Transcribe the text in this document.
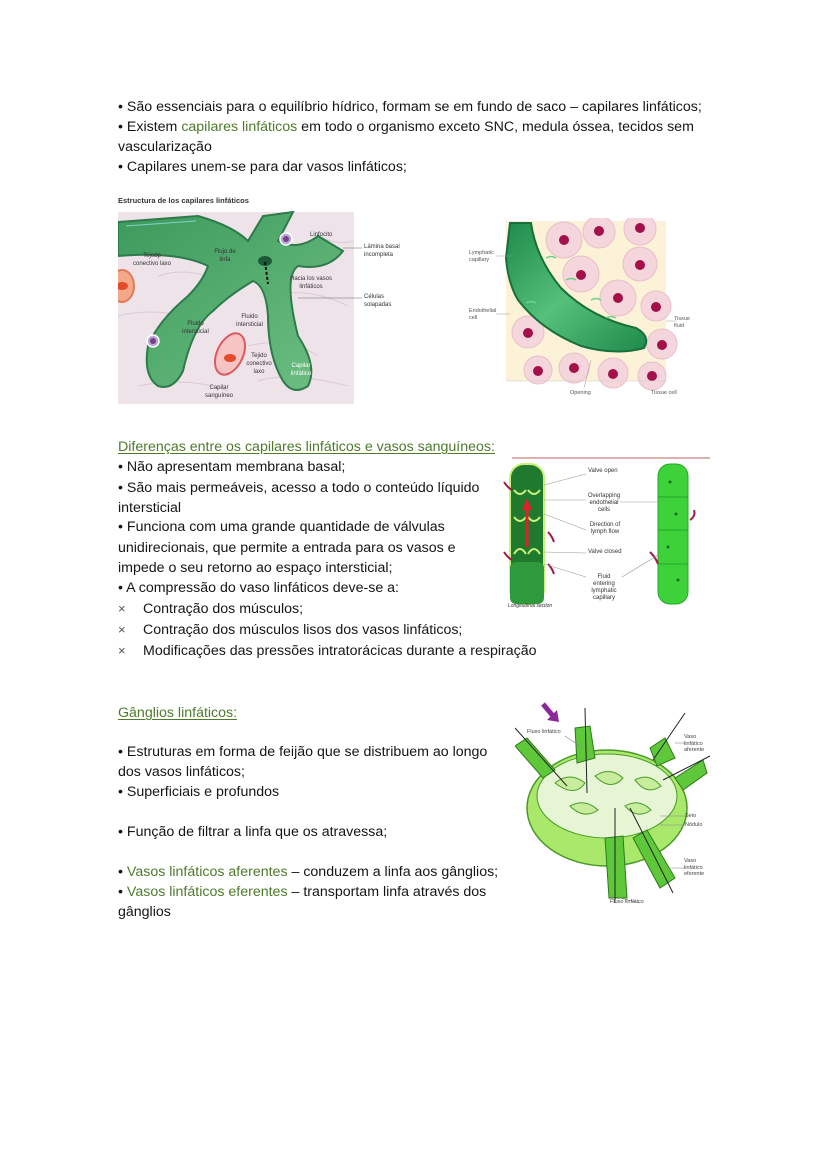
• São essenciais para o equilíbrio hídrico, formam se em fundo de saco – capilares linfáticos;
• Existem capilares linfáticos em todo o organismo exceto SNC, medula óssea, tecidos sem
vascularização
• Capilares unem-se para dar vasos linfáticos;
Estructura de los capilares linfáticos
Linfocito
Lámina basal incompleta
Tejodp conectivo laxo
Flujo de linfa
Hacia los vasos linfáticos
Células solapadas
Fluido intersticial
Fluido intersticial
Tejido conectivo laxo
Capilar linfático
Capilar sanguíneo
Lymphatic capillary
Endothelial cell	Tissue fluid
Opening	Tissue cell
Diferenças entre os capilares linfáticos e vasos sanguíneos:
• Não apresentam membrana basal;
• São mais permeáveis, acesso a todo o conteúdo líquido
intersticial
• Funciona com uma grande quantidade de válvulas
unidirecionais, que permite a entrada para os vasos e
impede o seu retorno ao espaço intersticial;
• A compressão do vaso linfáticos deve-se a:
× Contração dos músculos;
× Contração dos músculos lisos dos vasos linfáticos;
× Modificações das pressões intratorácicas durante a respiração
Valve open
Overlapping endothelial cells
Direction of lymph flow
Valve closed
Fluid entering lymphatic capillary
Longitudinal section
Gânglios linfáticos:
• Estruturas em forma de feijão que se distribuem ao longo
dos vasos linfáticos;
• Superficiais e profundos
• Função de filtrar a linfa que os atravessa;
• Vasos linfáticos aferentes – conduzem a linfa aos gânglios;
• Vasos linfáticos eferentes – transportam linfa através dos
gânglios
Fluxo linfático
Vaso linfático aferente
Seio
Nódulo
Vaso linfático eferente
Fluxo linfático
